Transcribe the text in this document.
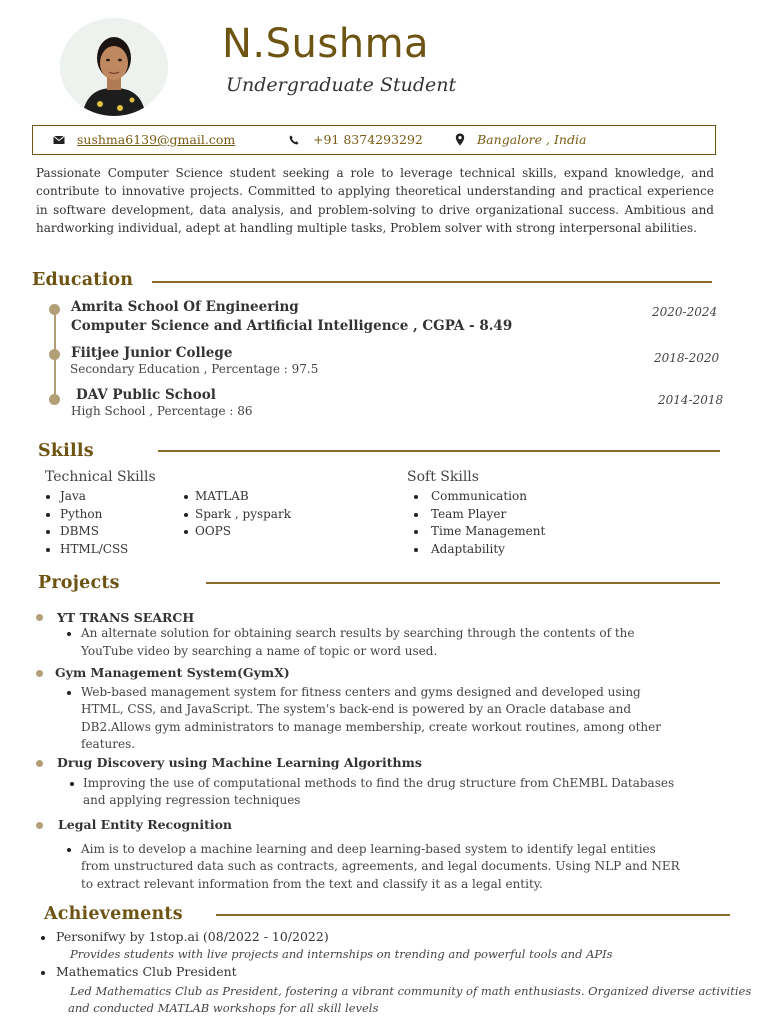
N.Sushma
Undergraduate Student
sushma6139@gmail.com	+91 8374293292	Bangalore , India
Passionate Computer Science student seeking a role to leverage technical skills, expand knowledge, and contribute to innovative projects. Committed to applying theoretical understanding and practical experience in software development, data analysis, and problem-solving to drive organizational success. Ambitious and hardworking individual, adept at handling multiple tasks, Problem solver with strong interpersonal abilities.
Education
Amrita School Of Engineering
Computer Science and Artificial Intelligence , CGPA - 8.49
2020-2024
Fiitjee Junior College
Secondary Education , Percentage : 97.5
2018-2020
DAV Public School
High School , Percentage : 86
2014-2018
Skills
Technical Skills
Java
Python
DBMS
HTML/CSS
MATLAB
Spark , pyspark
OOPS
Soft Skills
Communication
Team Player
Time Management
Adaptability
Projects
YT TRANS SEARCH
An alternate solution for obtaining search results by searching through the contents of the
YouTube video by searching a name of topic or word used.
Gym Management System(GymX)
Web-based management system for fitness centers and gyms designed and developed using
HTML, CSS, and JavaScript. The system's back-end is powered by an Oracle database and
DB2.Allows gym administrators to manage membership, create workout routines, among other
features.
Drug Discovery using Machine Learning Algorithms
Improving the use of computational methods to find the drug structure from ChEMBL Databases
and applying regression techniques
Legal Entity Recognition
Aim is to develop a machine learning and deep learning-based system to identify legal entities
from unstructured data such as contracts, agreements, and legal documents. Using NLP and NER
to extract relevant information from the text and classify it as a legal entity.
Achievements
Personifwy by 1stop.ai (08/2022 - 10/2022)
Provides students with live projects and internships on trending and powerful tools and APIs
Mathematics Club President
Led Mathematics Club as President, fostering a vibrant community of math enthusiasts. Organized diverse activities
and conducted MATLAB workshops for all skill levels
